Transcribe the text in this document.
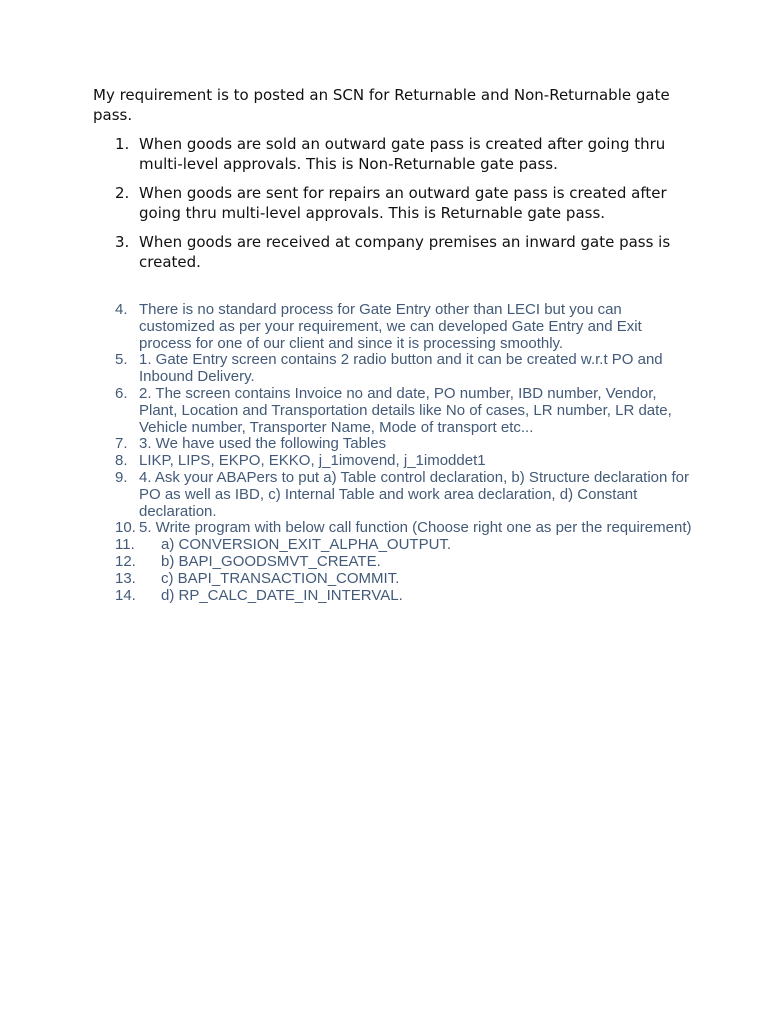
My requirement is to posted an SCN for Returnable and Non-Returnable gate pass.

1. When goods are sold an outward gate pass is created after going thru multi-level approvals. This is Non-Returnable gate pass.
2. When goods are sent for repairs an outward gate pass is created after going thru multi-level approvals. This is Returnable gate pass.
3. When goods are received at company premises an inward gate pass is created.
4. There is no standard process for Gate Entry other than LECI but you can customized as per your requirement, we can developed Gate Entry and Exit process for one of our client and since it is processing smoothly.
5. 1. Gate Entry screen contains 2 radio button and it can be created w.r.t PO and Inbound Delivery.
6. 2. The screen contains Invoice no and date, PO number, IBD number, Vendor, Plant, Location and Transportation details like No of cases, LR number, LR date, Vehicle number, Transporter Name, Mode of transport etc...
7. 3. We have used the following Tables
8. LIKP, LIPS, EKPO, EKKO, j_1imovend, j_1imoddet1
9. 4. Ask your ABAPers to put a) Table control declaration, b) Structure declaration for PO as well as IBD, c) Internal Table and work area declaration, d) Constant declaration.
10. 5. Write program with below call function (Choose right one as per the requirement)
11.	a) CONVERSION_EXIT_ALPHA_OUTPUT.
12.	b) BAPI_GOODSMVT_CREATE.
13.	c) BAPI_TRANSACTION_COMMIT.
14.	d) RP_CALC_DATE_IN_INTERVAL.
